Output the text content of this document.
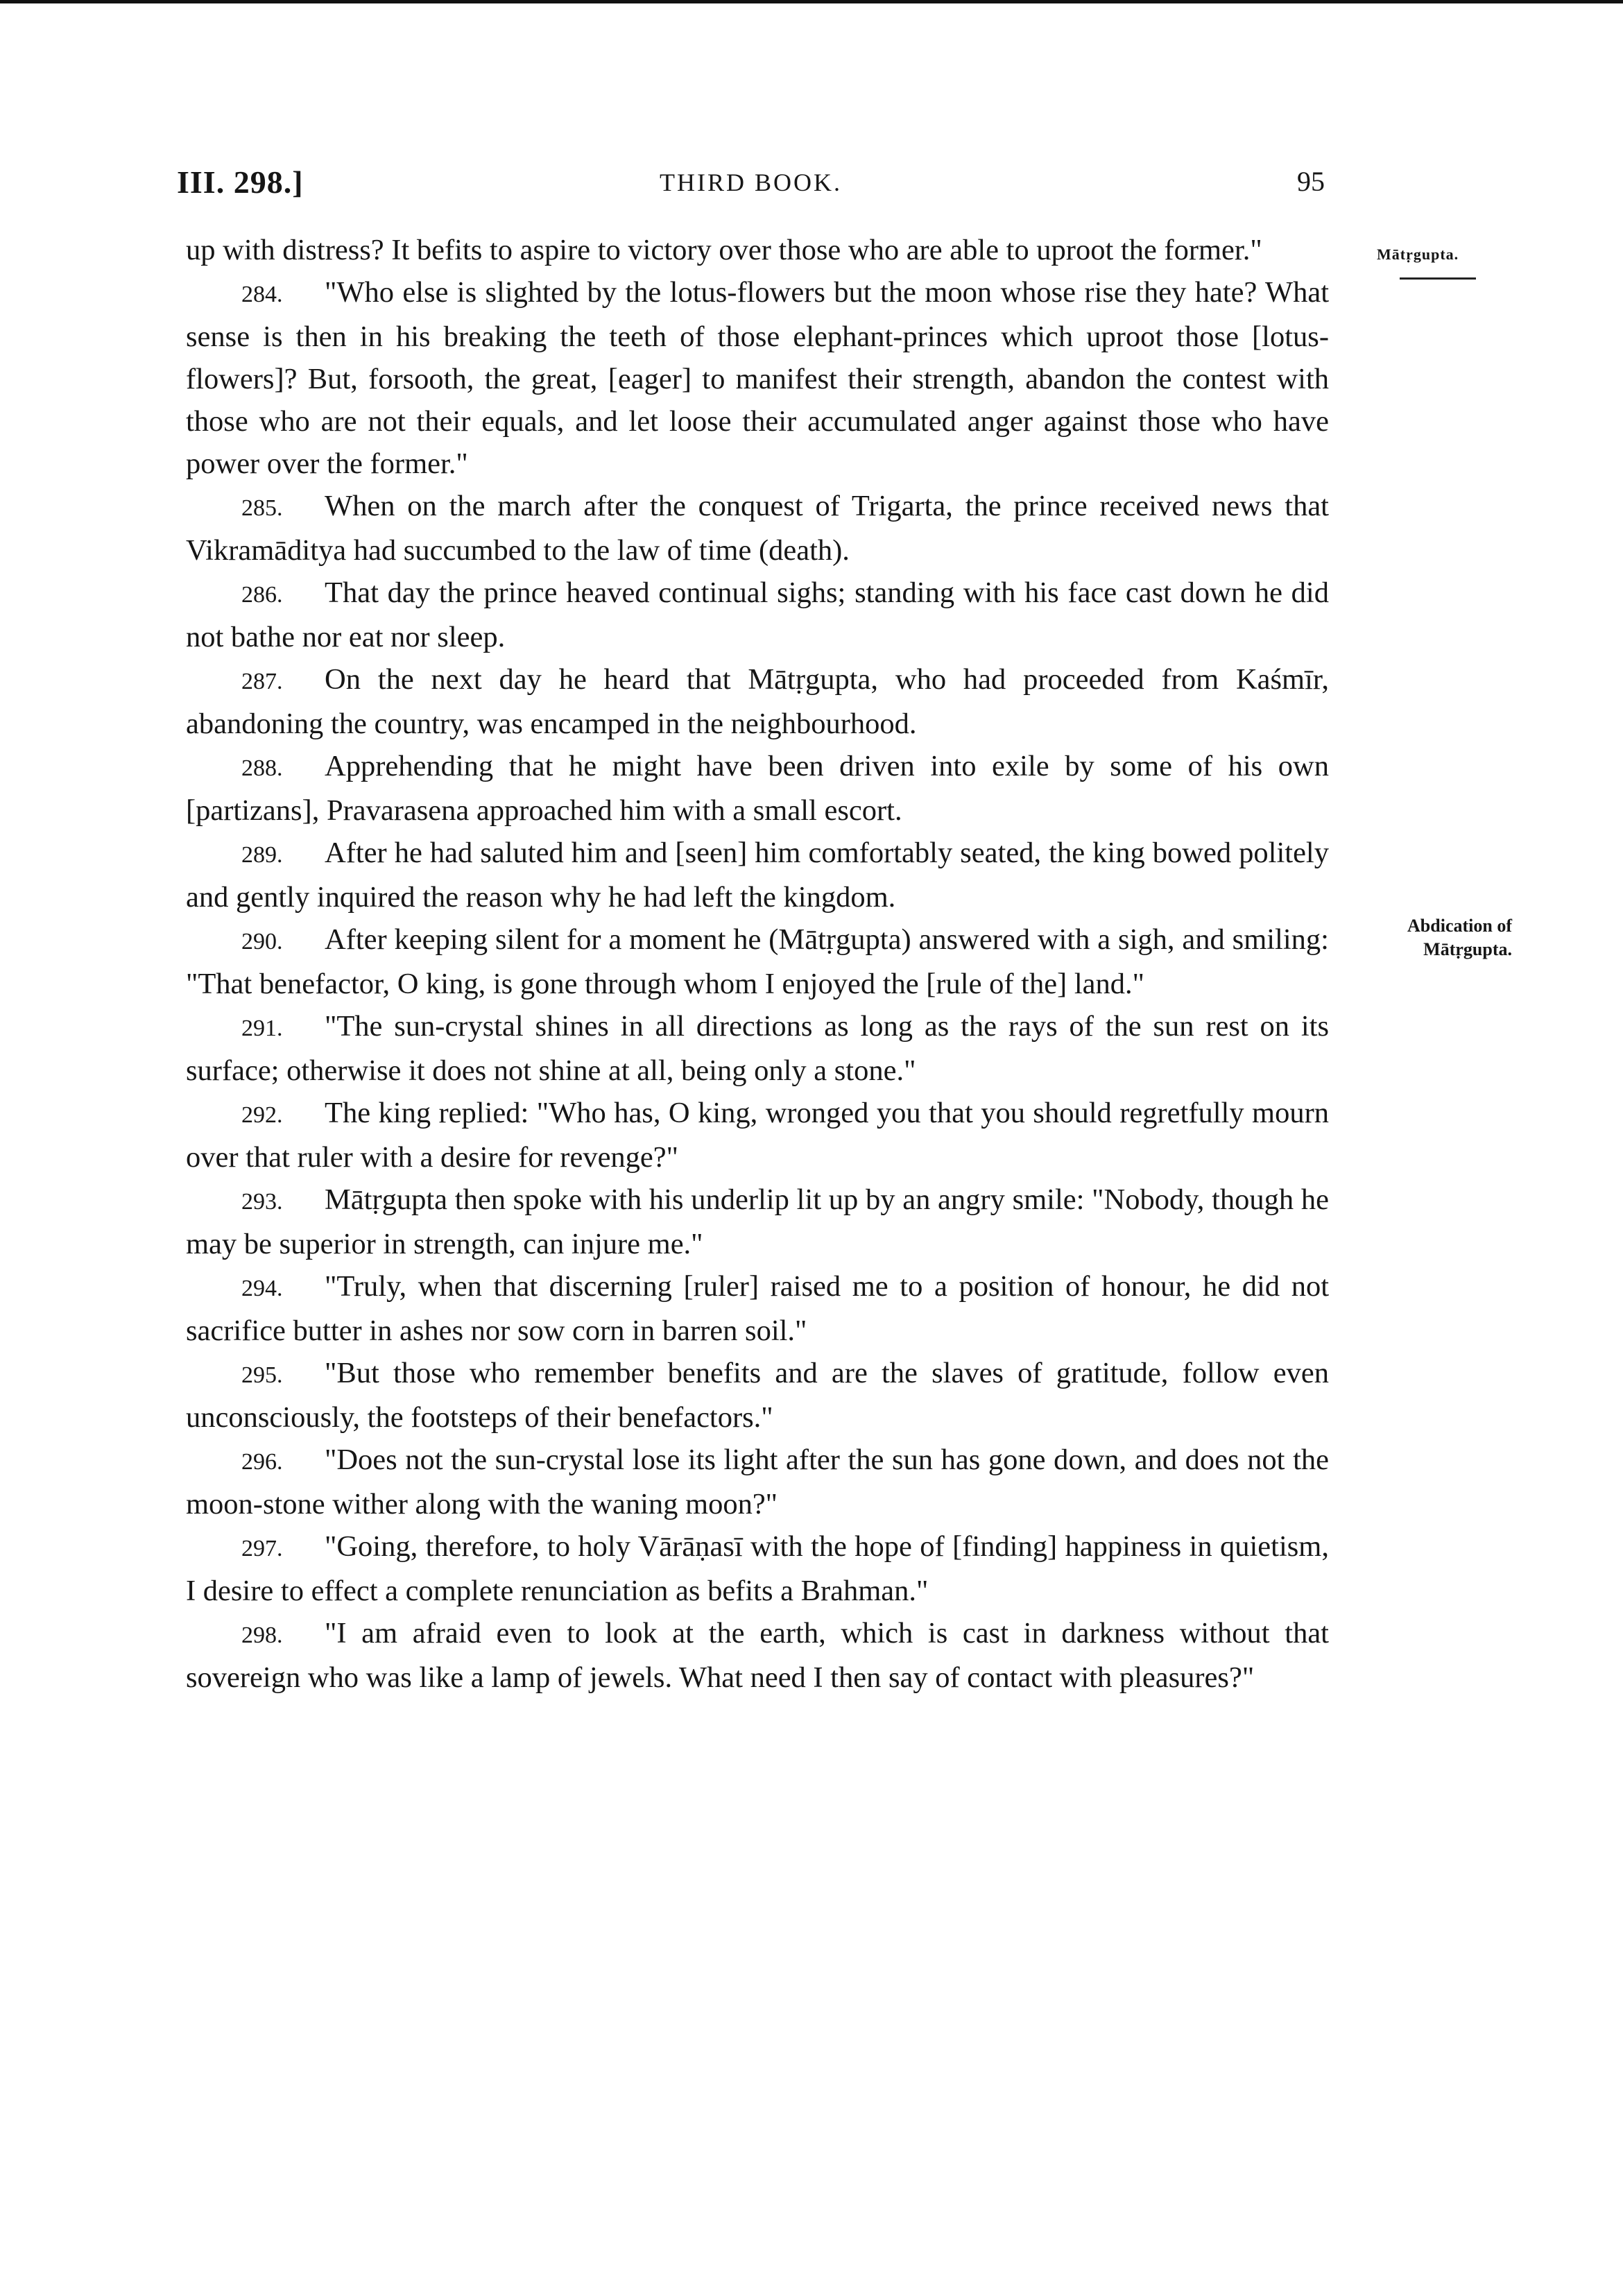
III. 298.]	THIRD BOOK.	95
Mātṛgupta.
Abdication of Mātṛgupta.

up with distress? It befits to aspire to victory over those who are able to uproot the former."

284. "Who else is slighted by the lotus-flowers but the moon whose rise they hate? What sense is then in his breaking the teeth of those elephant-princes which uproot those [lotus-flowers]? But, forsooth, the great, [eager] to manifest their strength, abandon the contest with those who are not their equals, and let loose their accumulated anger against those who have power over the former."

285. When on the march after the conquest of Trigarta, the prince received news that Vikramāditya had succumbed to the law of time (death).

286. That day the prince heaved continual sighs; standing with his face cast down he did not bathe nor eat nor sleep.

287. On the next day he heard that Mātṛgupta, who had proceeded from Kaśmīr, abandoning the country, was encamped in the neighbourhood.

288. Apprehending that he might have been driven into exile by some of his own [partizans], Pravarasena approached him with a small escort.

289. After he had saluted him and [seen] him comfortably seated, the king bowed politely and gently inquired the reason why he had left the kingdom.

290. After keeping silent for a moment he (Mātṛgupta) answered with a sigh, and smiling: "That benefactor, O king, is gone through whom I enjoyed the [rule of the] land."

291. "The sun-crystal shines in all directions as long as the rays of the sun rest on its surface; otherwise it does not shine at all, being only a stone."

292. The king replied: "Who has, O king, wronged you that you should regretfully mourn over that ruler with a desire for revenge?"

293. Mātṛgupta then spoke with his underlip lit up by an angry smile: "Nobody, though he may be superior in strength, can injure me."

294. "Truly, when that discerning [ruler] raised me to a position of honour, he did not sacrifice butter in ashes nor sow corn in barren soil."

295. "But those who remember benefits and are the slaves of gratitude, follow even unconsciously, the footsteps of their benefactors."

296. "Does not the sun-crystal lose its light after the sun has gone down, and does not the moon-stone wither along with the waning moon?"

297. "Going, therefore, to holy Vārāṇasī with the hope of [finding] happiness in quietism, I desire to effect a complete renunciation as befits a Brahman."

298. "I am afraid even to look at the earth, which is cast in darkness without that sovereign who was like a lamp of jewels. What need I then say of contact with pleasures?"
